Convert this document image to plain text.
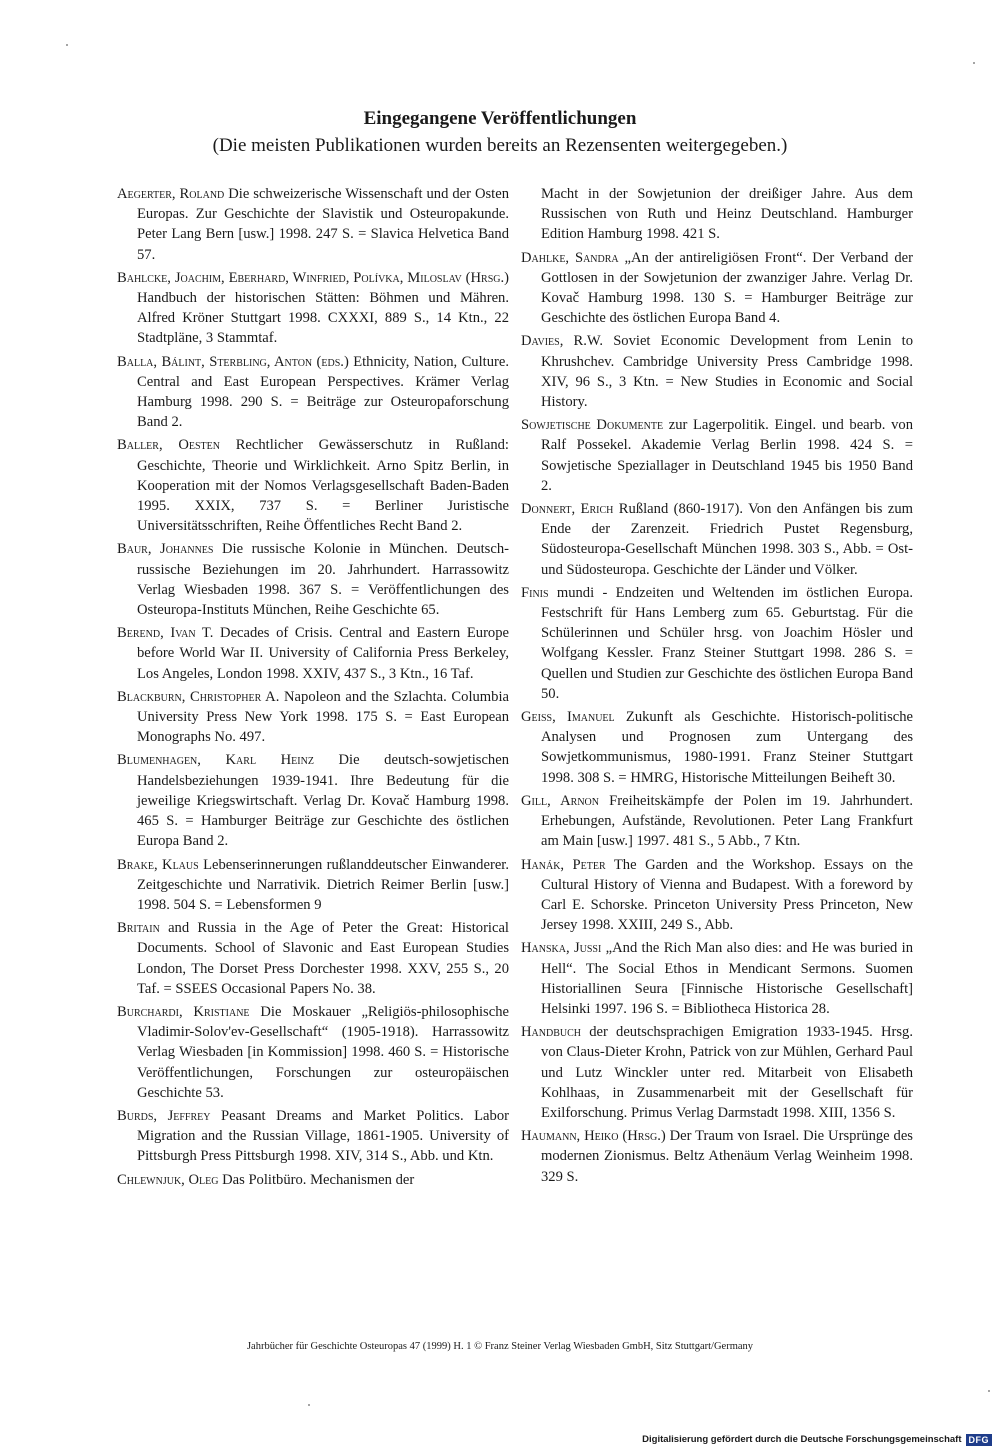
Eingegangene Veröffentlichungen

(Die meisten Publikationen wurden bereits an Rezensenten weitergegeben.)

Aegerter, Roland Die schweizerische Wissenschaft und der Osten Europas. Zur Geschichte der Slavistik und Osteuropakunde. Peter Lang Bern [usw.] 1998. 247 S. = Slavica Helvetica Band 57.

Bahlcke, Joachim, Eberhard, Winfried, Polívka, Miloslav (Hrsg.) Handbuch der historischen Stätten: Böhmen und Mähren. Alfred Kröner Stuttgart 1998. CXXXI, 889 S., 14 Ktn., 22 Stadtpläne, 3 Stammtaf.

Balla, Bálint, Sterbling, Anton (eds.) Ethnicity, Nation, Culture. Central and East European Perspectives. Krämer Verlag Hamburg 1998. 290 S. = Beiträge zur Osteuropaforschung Band 2.

Baller, Oesten Rechtlicher Gewässerschutz in Rußland: Geschichte, Theorie und Wirklichkeit. Arno Spitz Berlin, in Kooperation mit der Nomos Verlagsgesellschaft Baden-Baden 1995. XXIX, 737 S. = Berliner Juristische Universitätsschriften, Reihe Öffentliches Recht Band 2.

Baur, Johannes Die russische Kolonie in München. Deutsch-russische Beziehungen im 20. Jahrhundert. Harrassowitz Verlag Wiesbaden 1998. 367 S. = Veröffentlichungen des Osteuropa-Instituts München, Reihe Geschichte 65.

Berend, Ivan T. Decades of Crisis. Central and Eastern Europe before World War II. University of California Press Berkeley, Los Angeles, London 1998. XXIV, 437 S., 3 Ktn., 16 Taf.

Blackburn, Christopher A. Napoleon and the Szlachta. Columbia University Press New York 1998. 175 S. = East European Monographs No. 497.

Blumenhagen, Karl Heinz Die deutsch-sowjetischen Handelsbeziehungen 1939-1941. Ihre Bedeutung für die jeweilige Kriegswirtschaft. Verlag Dr. Kovač Hamburg 1998. 465 S. = Hamburger Beiträge zur Geschichte des östlichen Europa Band 2.

Brake, Klaus Lebenserinnerungen rußlanddeutscher Einwanderer. Zeitgeschichte und Narrativik. Dietrich Reimer Berlin [usw.] 1998. 504 S. = Lebensformen 9

Britain and Russia in the Age of Peter the Great: Historical Documents. School of Slavonic and East European Studies London, The Dorset Press Dorchester 1998. XXV, 255 S., 20 Taf. = SSEES Occasional Papers No. 38.

Burchardi, Kristiane Die Moskauer „Religiös-philosophische Vladimir-Solov'ev-Gesellschaft“ (1905-1918). Harrassowitz Verlag Wiesbaden [in Kommission] 1998. 460 S. = Historische Veröffentlichungen, Forschungen zur osteuropäischen Geschichte 53.

Burds, Jeffrey Peasant Dreams and Market Politics. Labor Migration and the Russian Village, 1861-1905. University of Pittsburgh Press Pittsburgh 1998. XIV, 314 S., Abb. und Ktn.

Chlewnjuk, Oleg Das Politbüro. Mechanismen der

Macht in der Sowjetunion der dreißiger Jahre. Aus dem Russischen von Ruth und Heinz Deutschland. Hamburger Edition Hamburg 1998. 421 S.

Dahlke, Sandra „An der antireligiösen Front“. Der Verband der Gottlosen in der Sowjetunion der zwanziger Jahre. Verlag Dr. Kovač Hamburg 1998. 130 S. = Hamburger Beiträge zur Geschichte des östlichen Europa Band 4.

Davies, R.W. Soviet Economic Development from Lenin to Khrushchev. Cambridge University Press Cambridge 1998. XIV, 96 S., 3 Ktn. = New Studies in Economic and Social History.

Sowjetische Dokumente zur Lagerpolitik. Eingel. und bearb. von Ralf Possekel. Akademie Verlag Berlin 1998. 424 S. = Sowjetische Speziallager in Deutschland 1945 bis 1950 Band 2.

Donnert, Erich Rußland (860-1917). Von den Anfängen bis zum Ende der Zarenzeit. Friedrich Pustet Regensburg, Südosteuropa-Gesellschaft München 1998. 303 S., Abb. = Ost- und Südosteuropa. Geschichte der Länder und Völker.

Finis mundi - Endzeiten und Weltenden im östlichen Europa. Festschrift für Hans Lemberg zum 65. Geburtstag. Für die Schülerinnen und Schüler hrsg. von Joachim Hösler und Wolfgang Kessler. Franz Steiner Stuttgart 1998. 286 S. = Quellen und Studien zur Geschichte des östlichen Europa Band 50.

Geiss, Imanuel Zukunft als Geschichte. Historisch-politische Analysen und Prognosen zum Untergang des Sowjetkommunismus, 1980-1991. Franz Steiner Stuttgart 1998. 308 S. = HMRG, Historische Mitteilungen Beiheft 30.

Gill, Arnon Freiheitskämpfe der Polen im 19. Jahrhundert. Erhebungen, Aufstände, Revolutionen. Peter Lang Frankfurt am Main [usw.] 1997. 481 S., 5 Abb., 7 Ktn.

Hanák, Peter The Garden and the Workshop. Essays on the Cultural History of Vienna and Budapest. With a foreword by Carl E. Schorske. Princeton University Press Princeton, New Jersey 1998. XXIII, 249 S., Abb.

Hanska, Jussi „And the Rich Man also dies: and He was buried in Hell“. The Social Ethos in Mendicant Sermons. Suomen Historiallinen Seura [Finnische Historische Gesellschaft] Helsinki 1997. 196 S. = Bibliotheca Historica 28.

Handbuch der deutschsprachigen Emigration 1933-1945. Hrsg. von Claus-Dieter Krohn, Patrick von zur Mühlen, Gerhard Paul und Lutz Winckler unter red. Mitarbeit von Elisabeth Kohlhaas, in Zusammenarbeit mit der Gesellschaft für Exilforschung. Primus Verlag Darmstadt 1998. XIII, 1356 S.

Haumann, Heiko (Hrsg.) Der Traum von Israel. Die Ursprünge des modernen Zionismus. Beltz Athenäum Verlag Weinheim 1998. 329 S.

Jahrbücher für Geschichte Osteuropas 47 (1999) H. 1 © Franz Steiner Verlag Wiesbaden GmbH, Sitz Stuttgart/Germany

Digitalisierung gefördert durch die Deutsche Forschungsgemeinschaft DFG
